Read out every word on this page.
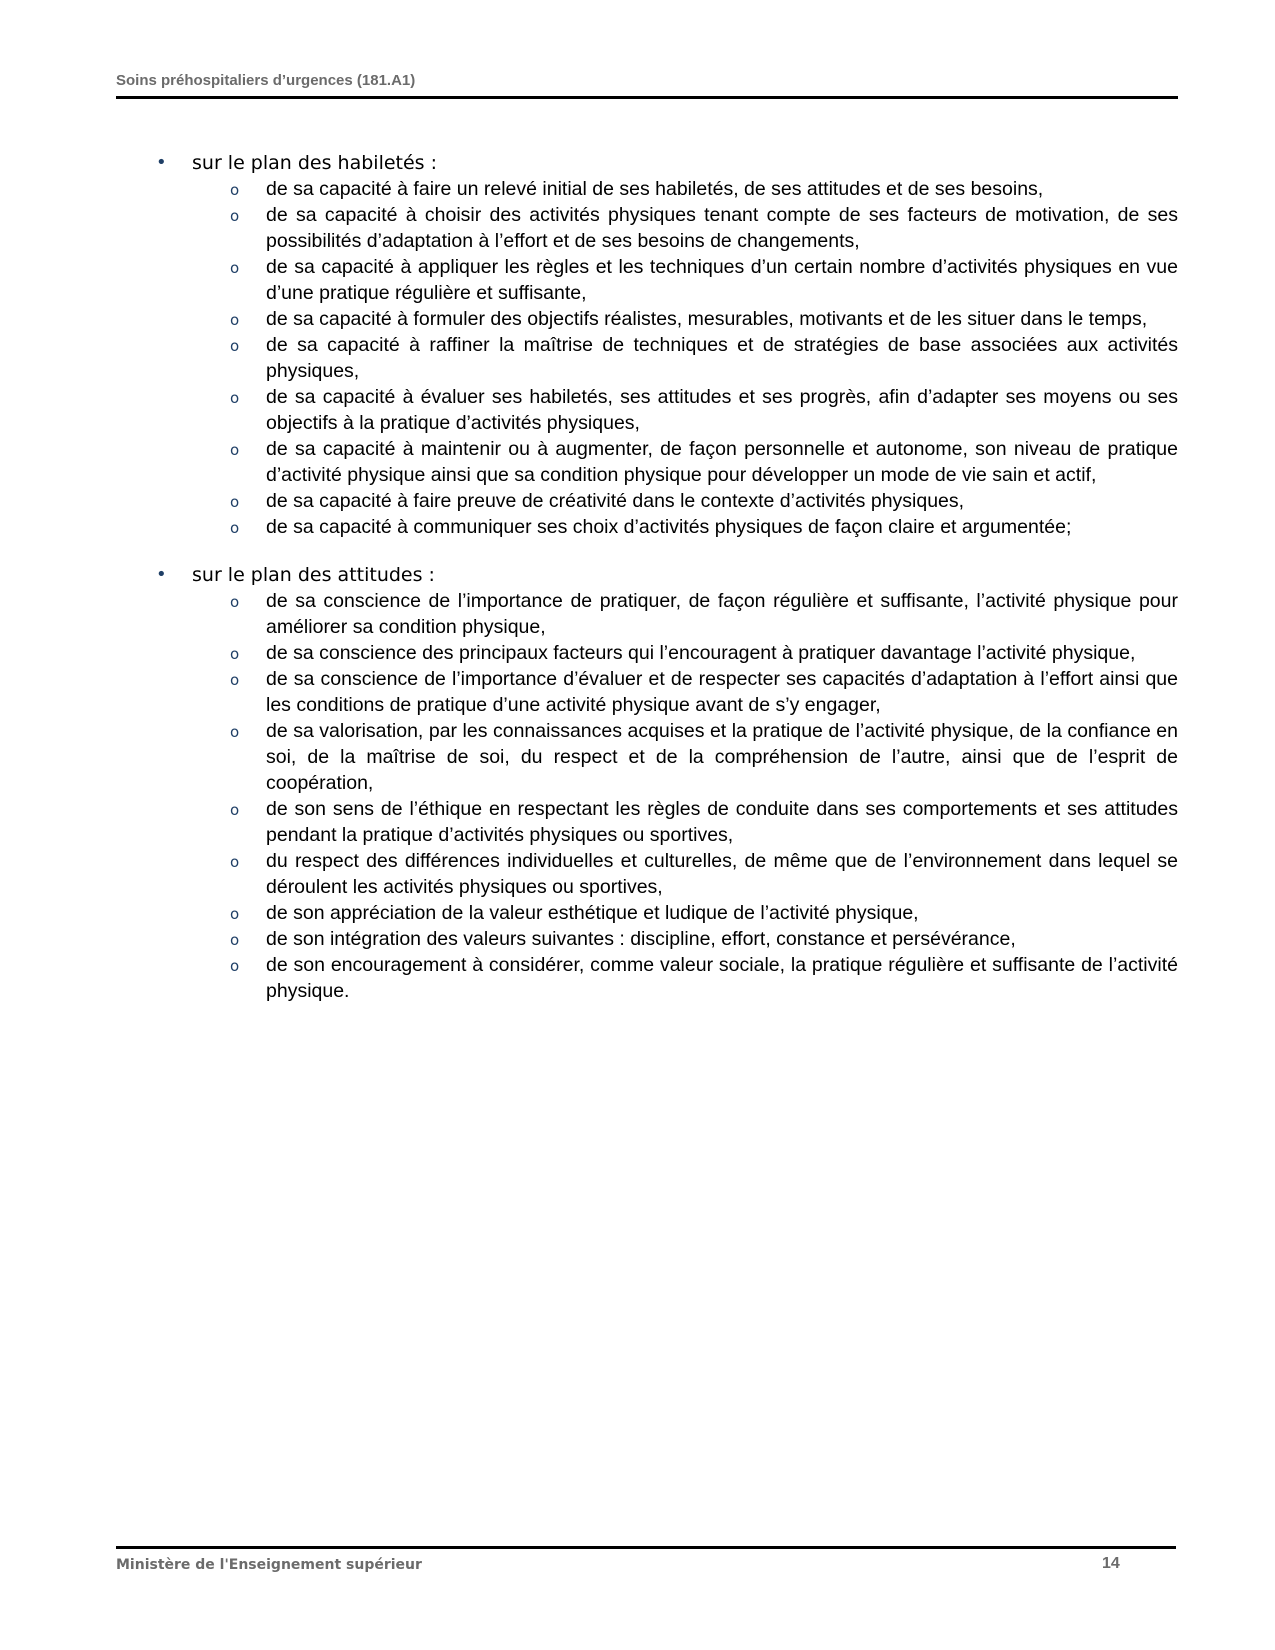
Soins préhospitaliers d’urgences (181.A1)
• sur le plan des habiletés :
o de sa capacité à faire un relevé initial de ses habiletés, de ses attitudes et de ses besoins,
o de sa capacité à choisir des activités physiques tenant compte de ses facteurs de motivation, de ses possibilités d’adaptation à l’effort et de ses besoins de changements,
o de sa capacité à appliquer les règles et les techniques d’un certain nombre d’activités physiques en vue d’une pratique régulière et suffisante,
o de sa capacité à formuler des objectifs réalistes, mesurables, motivants et de les situer dans le temps,
o de sa capacité à raffiner la maîtrise de techniques et de stratégies de base associées aux activités physiques,
o de sa capacité à évaluer ses habiletés, ses attitudes et ses progrès, afin d’adapter ses moyens ou ses objectifs à la pratique d’activités physiques,
o de sa capacité à maintenir ou à augmenter, de façon personnelle et autonome, son niveau de pratique d’activité physique ainsi que sa condition physique pour développer un mode de vie sain et actif,
o de sa capacité à faire preuve de créativité dans le contexte d’activités physiques,
o de sa capacité à communiquer ses choix d’activités physiques de façon claire et argumentée;
• sur le plan des attitudes :
o de sa conscience de l’importance de pratiquer, de façon régulière et suffisante, l’activité physique pour améliorer sa condition physique,
o de sa conscience des principaux facteurs qui l’encouragent à pratiquer davantage l’activité physique,
o de sa conscience de l’importance d’évaluer et de respecter ses capacités d’adaptation à l’effort ainsi que les conditions de pratique d’une activité physique avant de s’y engager,
o de sa valorisation, par les connaissances acquises et la pratique de l’activité physique, de la confiance en soi, de la maîtrise de soi, du respect et de la compréhension de l’autre, ainsi que de l’esprit de coopération,
o de son sens de l’éthique en respectant les règles de conduite dans ses comportements et ses attitudes pendant la pratique d’activités physiques ou sportives,
o du respect des différences individuelles et culturelles, de même que de l’environnement dans lequel se déroulent les activités physiques ou sportives,
o de son appréciation de la valeur esthétique et ludique de l’activité physique,
o de son intégration des valeurs suivantes : discipline, effort, constance et persévérance,
o de son encouragement à considérer, comme valeur sociale, la pratique régulière et suffisante de l’activité physique.
Ministère de l'Enseignement supérieur	14
